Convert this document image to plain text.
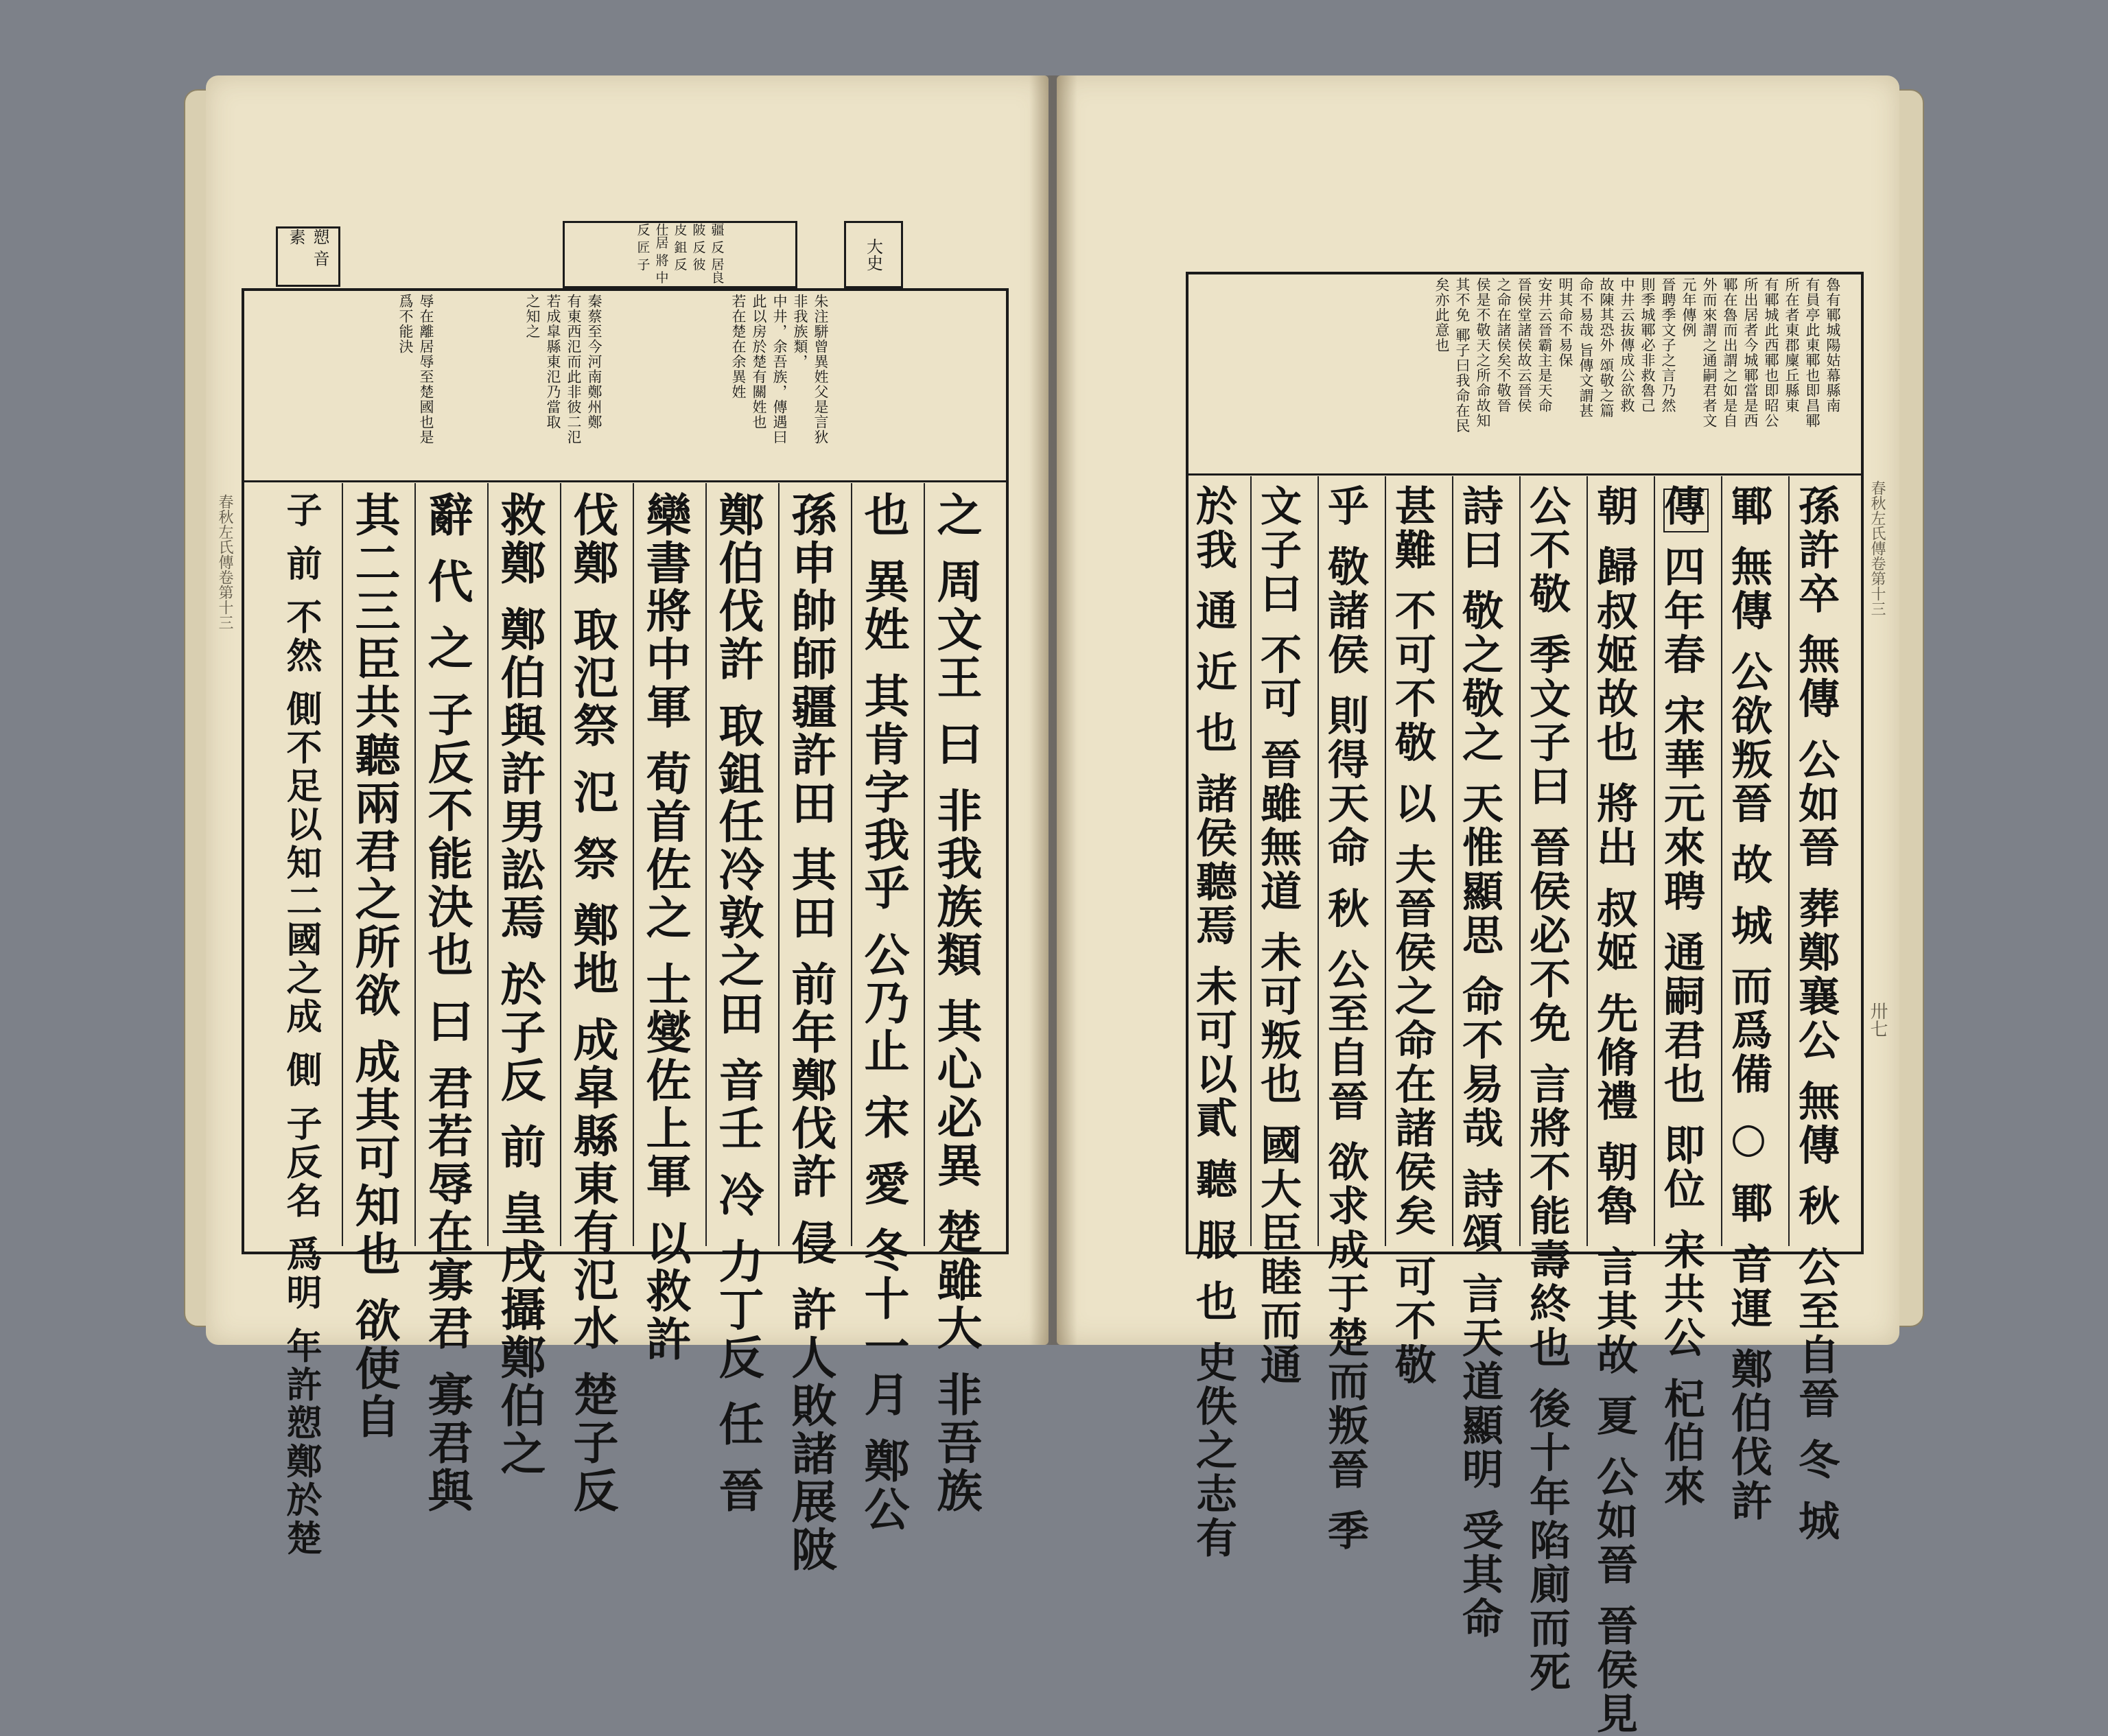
大史
疆 反 居良 陂 反 彼 皮 鉏 反 仕居 將 中 反 匠 子
愬 音 素
朱注駢曾異姓父是言狄
非我族類，
中井，余吾族，傳遇曰
此以房於楚有關姓也
若在楚在余異姓
秦蔡至今河南鄭州鄭
有東西氾而此非彼二氾
若成皐縣東氾乃當取
之知之
辱在離居辱至楚國也是
爲不能決
之 周文王 曰 非我族類 其心必異 楚雖大 非吾族
也 異姓 其肯字我乎 公乃止 宋 愛 冬十一月 鄭公
孫申帥師疆許田 其田 前年鄭伐許 侵 許人敗諸展陂
鄭伯伐許 取鉏任冷敦之田 音壬 冷 力丁反 任 晉
欒書將中軍 荀首佐之 士燮佐上軍 以救許
伐鄭 取氾祭 氾 祭 鄭地 成皐縣東有氾水 楚子反
救鄭 鄭伯與許男訟焉 於子反 前 皇戌攝鄭伯之
辭 代 之 子反不能決也 曰 君若辱在寡君 寡君與
其二三臣共聽兩君之所欲 成其可知也 欲使自
子 前 不然 側不足以知二國之成 側 子反名 爲明 年許愬鄭於楚
春秋左氏傳卷第十三
魯有鄆城陽姑幕縣南
有員亭此東鄆也即昌鄆
所在者東郡廩丘縣東
有鄆城此西鄆也即昭公
所出居者今城鄆當是西
鄆在魯而出謂之如是自
外而來謂之通嗣君者文
元年傳例
晉聘季文子之言乃然
則季城鄆必非救魯己
中井云抜傳成公欲救
故陳其恐外 頌敬之篇
命不易哉 旨傳文謂甚
明其命不易保
安井云晉霸主是天命
晉侯堂諸侯故云晉侯
之命在諸侯矣不敬晉
侯是不敬天之所命故知
其不免 鄆子曰我命在民
矣亦此意也
孫許卒 無傳 公如晉 葬鄭襄公 無傳 秋 公至自晉 冬 城
鄆 無傳 公欲叛晉 故 城 而爲備 ○ 鄆 音運 鄭伯伐許
傳 四年春 宋華元來聘 通嗣君也 即位 宋共公 杞伯來
朝 歸叔姬故也 將出 叔姬 先脩禮 朝魯 言其故 夏 公如晉 晉侯見
公不敬 季文子曰 晉侯必不免 言將不能壽終也 後十年陷廁而死
詩曰 敬之敬之 天惟顯思 命不易哉 詩頌 言天道顯明 受其命
甚難 不可不敬 以 夫晉侯之命在諸侯矣 可不敬
乎 敬諸侯 則得天命 秋 公至自晉 欲求成于楚而叛晉 季
文子曰 不可 晉雖無道 未可叛也 國大臣睦而通
於我 通 近 也 諸侯聽焉 未可以貳 聽 服 也 史佚之志有	春秋左氏傳卷第十三
卅七
